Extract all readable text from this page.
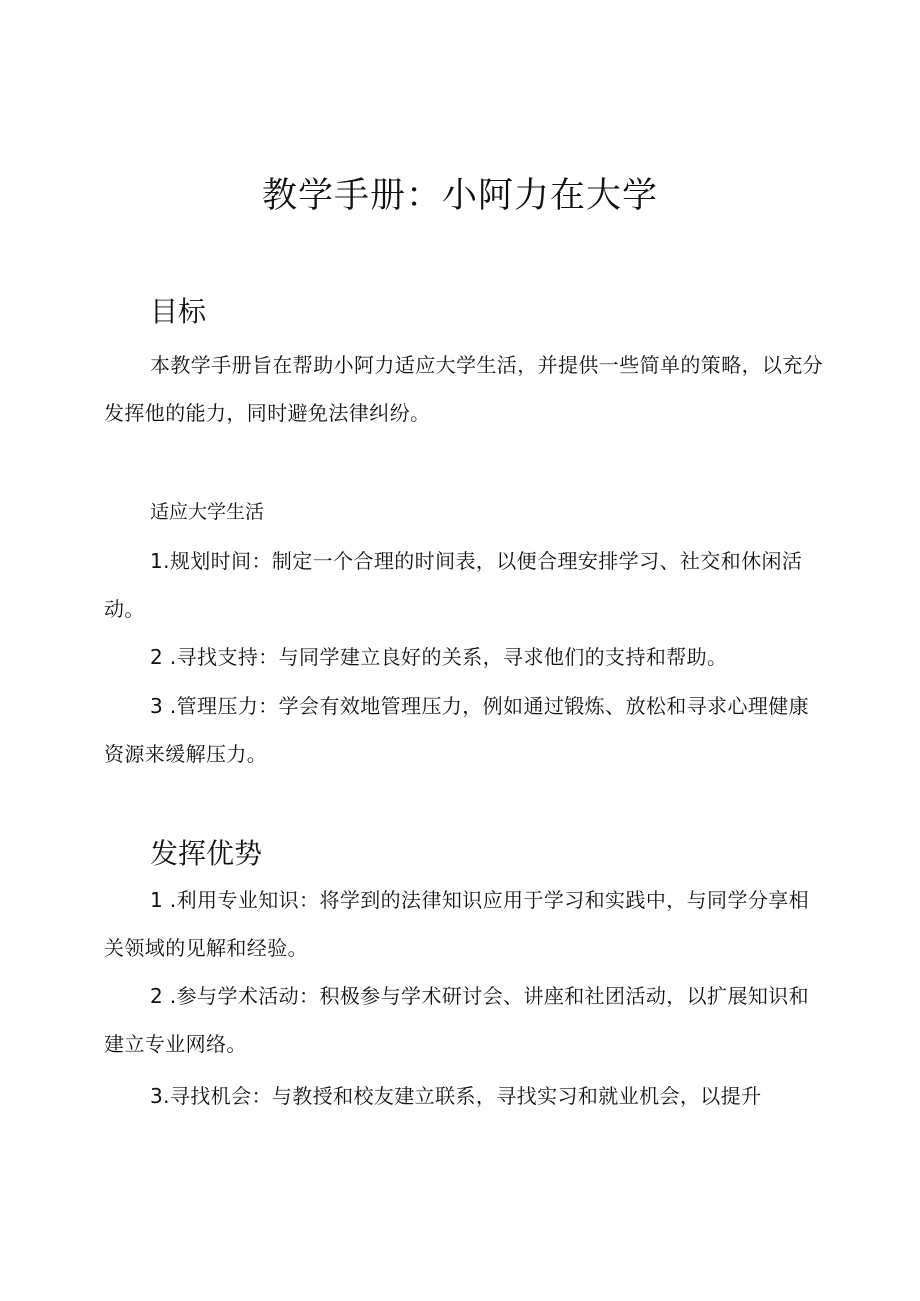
教学手册：小阿力在大学
目标

本教学手册旨在帮助小阿力适应大学生活，并提供一些简单的策略，以充分发挥他的能力，同时避免法律纠纷。

适应大学生活

1.规划时间：制定一个合理的时间表，以便合理安排学习、社交和休闲活动。

2 .寻找支持：与同学建立良好的关系，寻求他们的支持和帮助。

3 .管理压力：学会有效地管理压力，例如通过锻炼、放松和寻求心理健康资源来缓解压力。

发挥优势

1 .利用专业知识：将学到的法律知识应用于学习和实践中，与同学分享相关领域的见解和经验。

2 .参与学术活动：积极参与学术研讨会、讲座和社团活动，以扩展知识和建立专业网络。

3.寻找机会：与教授和校友建立联系，寻找实习和就业机会，以提升
